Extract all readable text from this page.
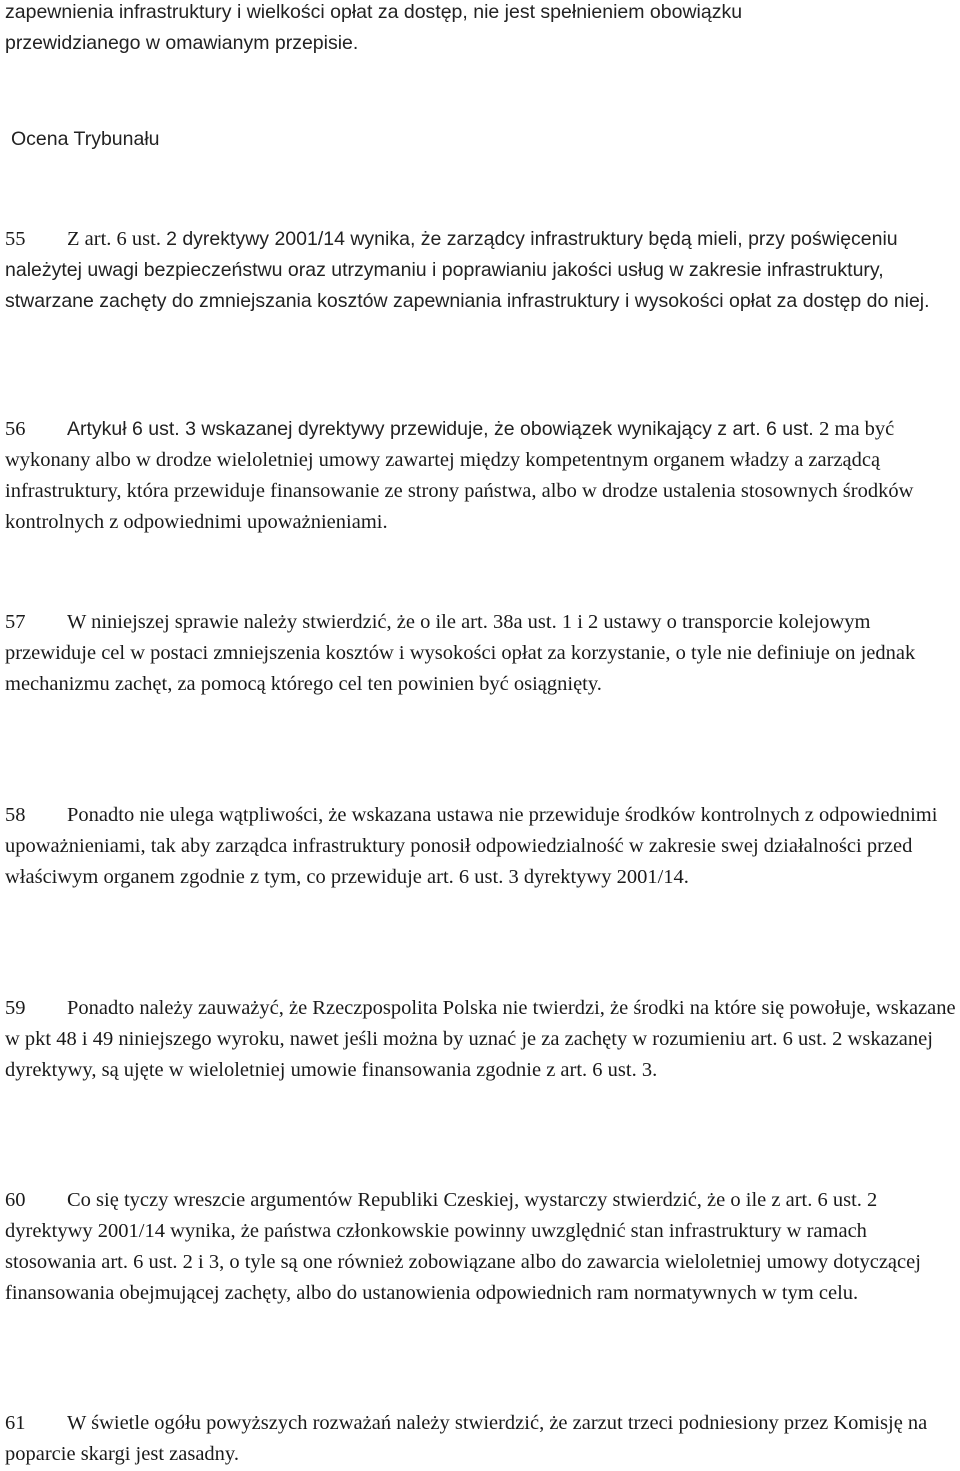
zapewnienia infrastruktury i wielkości opłat za dostęp, nie jest spełnieniem obowiązku
przewidzianego w omawianym przepisie.

Ocena Trybunału

55 Z art. 6 ust. 2 dyrektywy 2001/14 wynika, że zarządcy infrastruktury będą mieli, przy poświęceniu należytej uwagi bezpieczeństwu oraz utrzymaniu i poprawianiu jakości usług w zakresie infrastruktury, stwarzane zachęty do zmniejszania kosztów zapewniania infrastruktury i wysokości opłat za dostęp do niej.

56 Artykuł 6 ust. 3 wskazanej dyrektywy przewiduje, że obowiązek wynikający z art. 6 ust. 2 ma być wykonany albo w drodze wieloletniej umowy zawartej między kompetentnym organem władzy a zarządcą infrastruktury, która przewiduje finansowanie ze strony państwa, albo w drodze ustalenia stosownych środków kontrolnych z odpowiednimi upoważnieniami.

57 W niniejszej sprawie należy stwierdzić, że o ile art. 38a ust. 1 i 2 ustawy o transporcie kolejowym przewiduje cel w postaci zmniejszenia kosztów i wysokości opłat za korzystanie, o tyle nie definiuje on jednak mechanizmu zachęt, za pomocą którego cel ten powinien być osiągnięty.

58 Ponadto nie ulega wątpliwości, że wskazana ustawa nie przewiduje środków kontrolnych z odpowiednimi upoważnieniami, tak aby zarządca infrastruktury ponosił odpowiedzialność w zakresie swej działalności przed właściwym organem zgodnie z tym, co przewiduje art. 6 ust. 3 dyrektywy 2001/14.

59 Ponadto należy zauważyć, że Rzeczpospolita Polska nie twierdzi, że środki na które się powołuje, wskazane w pkt 48 i 49 niniejszego wyroku, nawet jeśli można by uznać je za zachęty w rozumieniu art. 6 ust. 2 wskazanej dyrektywy, są ujęte w wieloletniej umowie finansowania zgodnie z art. 6 ust. 3.

60 Co się tyczy wreszcie argumentów Republiki Czeskiej, wystarczy stwierdzić, że o ile z art. 6 ust. 2 dyrektywy 2001/14 wynika, że państwa członkowskie powinny uwzględnić stan infrastruktury w ramach stosowania art. 6 ust. 2 i 3, o tyle są one również zobowiązane albo do zawarcia wieloletniej umowy dotyczącej finansowania obejmującej zachęty, albo do ustanowienia odpowiednich ram normatywnych w tym celu.

61 W świetle ogółu powyższych rozważań należy stwierdzić, że zarzut trzeci podniesiony przez Komisję na poparcie skargi jest zasadny.
